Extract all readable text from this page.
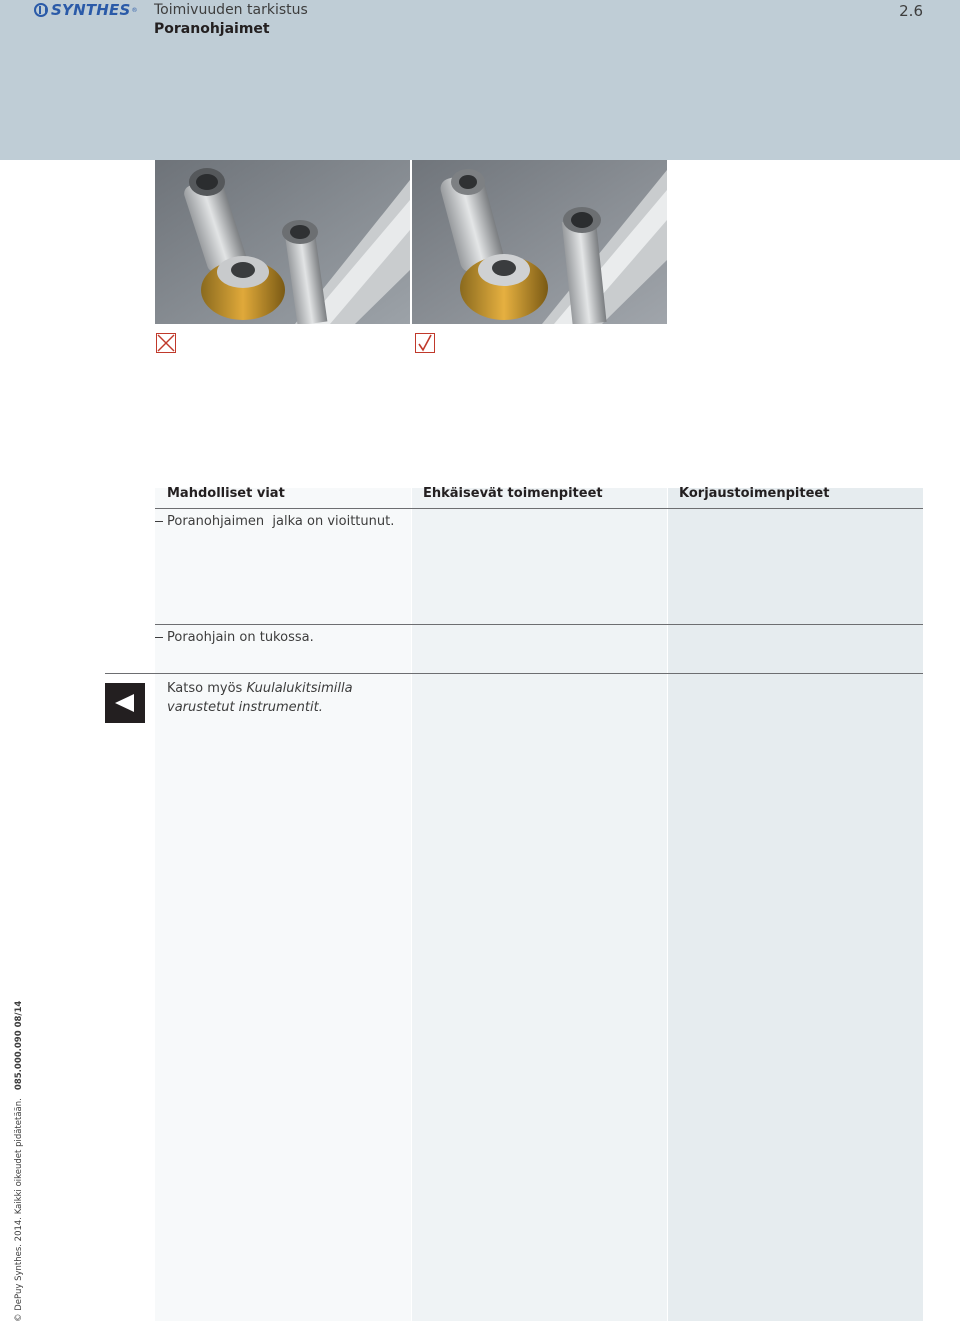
SYNTHES ® Toimivuuden tarkistus
Poranohjaimet
2.6
Mahdolliset viat	Ehkäisevät toimenpiteet	Korjaustoimenpiteet
Poranohjaimen  jalka on vioittunut.
Poraohjain on tukossa.
Katso myös Kuulalukitsimilla
varustetut instrumentit.
© DePuy Synthes. 2014. Kaikki oikeudet pidätetään.   085.000.090 08/14
